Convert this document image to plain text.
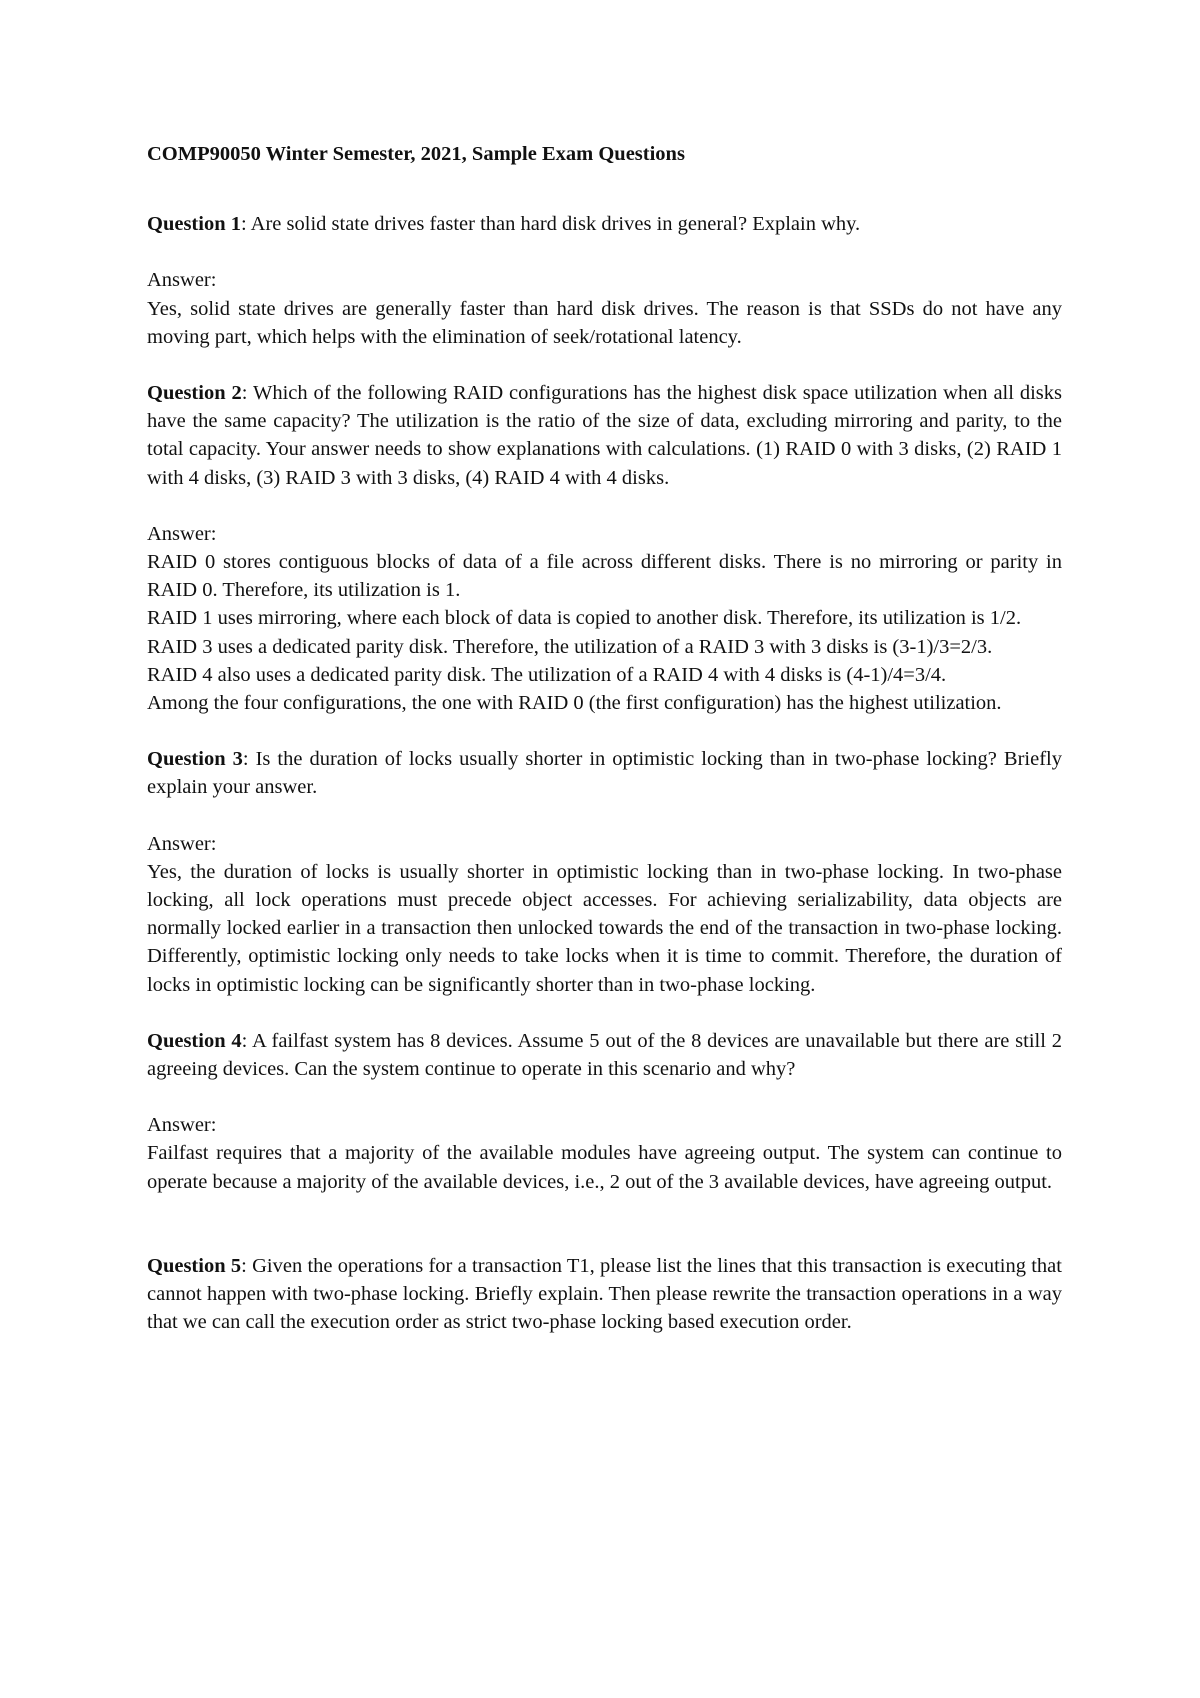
COMP90050 Winter Semester, 2021, Sample Exam Questions

Question 1: Are solid state drives faster than hard disk drives in general? Explain why.

Answer:

Yes, solid state drives are generally faster than hard disk drives. The reason is that SSDs do not have any moving part, which helps with the elimination of seek/rotational latency.

Question 2: Which of the following RAID configurations has the highest disk space utilization when all disks have the same capacity? The utilization is the ratio of the size of data, excluding mirroring and parity, to the total capacity. Your answer needs to show explanations with calculations. (1) RAID 0 with 3 disks, (2) RAID 1 with 4 disks, (3) RAID 3 with 3 disks, (4) RAID 4 with 4 disks.

Answer:

RAID 0 stores contiguous blocks of data of a file across different disks. There is no mirroring or parity in RAID 0. Therefore, its utilization is 1.

RAID 1 uses mirroring, where each block of data is copied to another disk. Therefore, its utilization is 1/2.

RAID 3 uses a dedicated parity disk. Therefore, the utilization of a RAID 3 with 3 disks is (3-1)/3=2/3.

RAID 4 also uses a dedicated parity disk. The utilization of a RAID 4 with 4 disks is (4-1)/4=3/4.

Among the four configurations, the one with RAID 0 (the first configuration) has the highest utilization.

Question 3: Is the duration of locks usually shorter in optimistic locking than in two-phase locking? Briefly explain your answer.

Answer:

Yes, the duration of locks is usually shorter in optimistic locking than in two-phase locking. In two-phase locking, all lock operations must precede object accesses. For achieving serializability, data objects are normally locked earlier in a transaction then unlocked towards the end of the transaction in two-phase locking. Differently, optimistic locking only needs to take locks when it is time to commit. Therefore, the duration of locks in optimistic locking can be significantly shorter than in two-phase locking.

Question 4: A failfast system has 8 devices. Assume 5 out of the 8 devices are unavailable but there are still 2 agreeing devices. Can the system continue to operate in this scenario and why?

Answer:

Failfast requires that a majority of the available modules have agreeing output. The system can continue to operate because a majority of the available devices, i.e., 2 out of the 3 available devices, have agreeing output.

Question 5: Given the operations for a transaction T1, please list the lines that this transaction is executing that cannot happen with two-phase locking. Briefly explain. Then please rewrite the transaction operations in a way that we can call the execution order as strict two-phase locking based execution order.
